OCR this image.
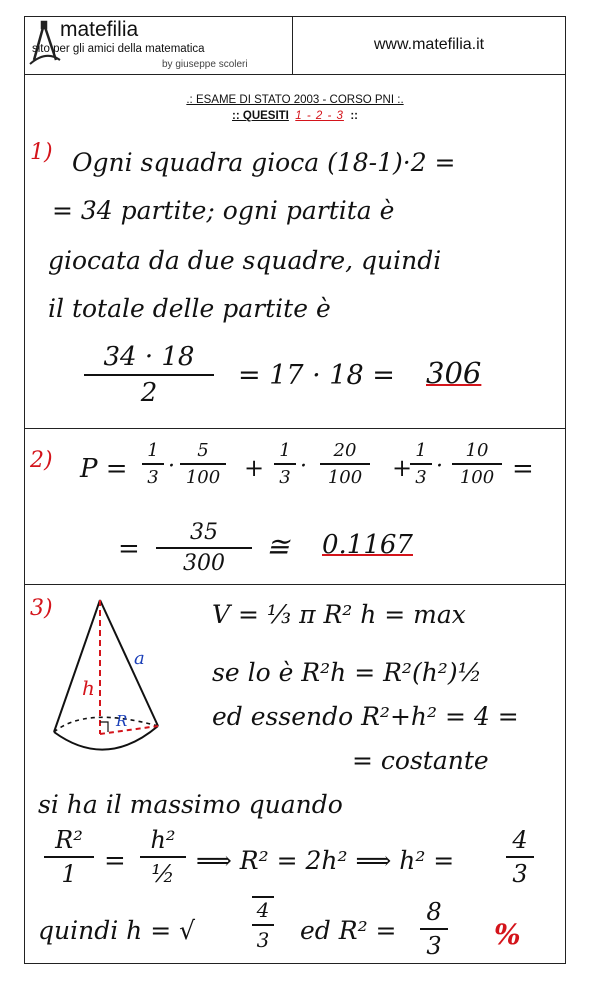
matefilia
sito per gli amici della matematica
by giuseppe scoleri
www.matefilia.it
.: ESAME DI STATO 2003 - CORSO PNI :.
:: QUESITI 1 - 2 - 3 ::
1) Ogni squadra gioca (18-1)·2 =
= 34 partite; ogni partita è
giocata da due squadre, quindi
il totale delle partite è
34 · 18
2
= 17 · 18 = 306
2) P =
1
3 ·
5
100 +
1
3 ·
20
100 +
1
3 ·
10
100 =
=
35
300
≅ 0.1167
3)
h
a
R
V = ⅓ π R² h = max
se lo è R²h = R²(h²)½
ed essendo R²+h² = 4 =
= costante
si ha il massimo quando
R²
1 =
h²
½ ⟹ R² = 2h² ⟹ h² =
4
3
quindi h = √
4
3 ed R² =
8
3 %
